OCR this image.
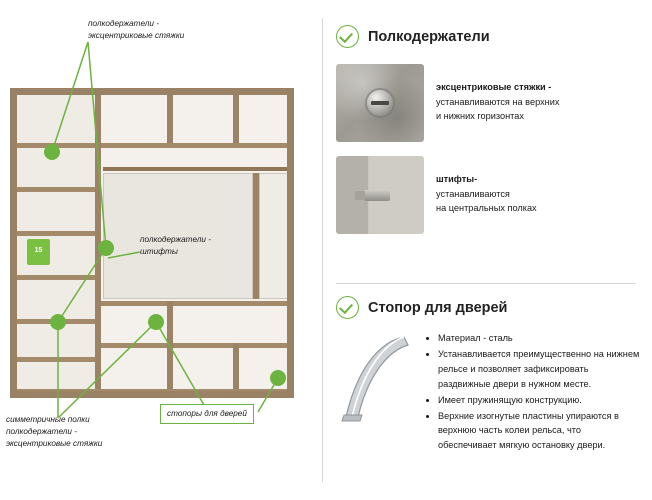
15
полкодержатели -
эксцентриковые стяжки
полкодержатели -
штифты
симметричные полки
полкодержатели -
эксцентриковые стяжки
стопоры для дверей
Полкодержатели
эксцентриковые стяжки -
устанавливаются на верхних
и нижних горизонтах
штифты-
устанавливаются
на центральных полках
Стопор для дверей
• Материал - сталь
• Устанавливается преимущественно на нижнем рельсе и позволяет зафиксировать раздвижные двери в нужном месте.
• Имеет пружинящую конструкцию.
• Верхние изогнутые пластины упираются в верхнюю часть колеи рельса, что обеспечивает мягкую остановку двери.
